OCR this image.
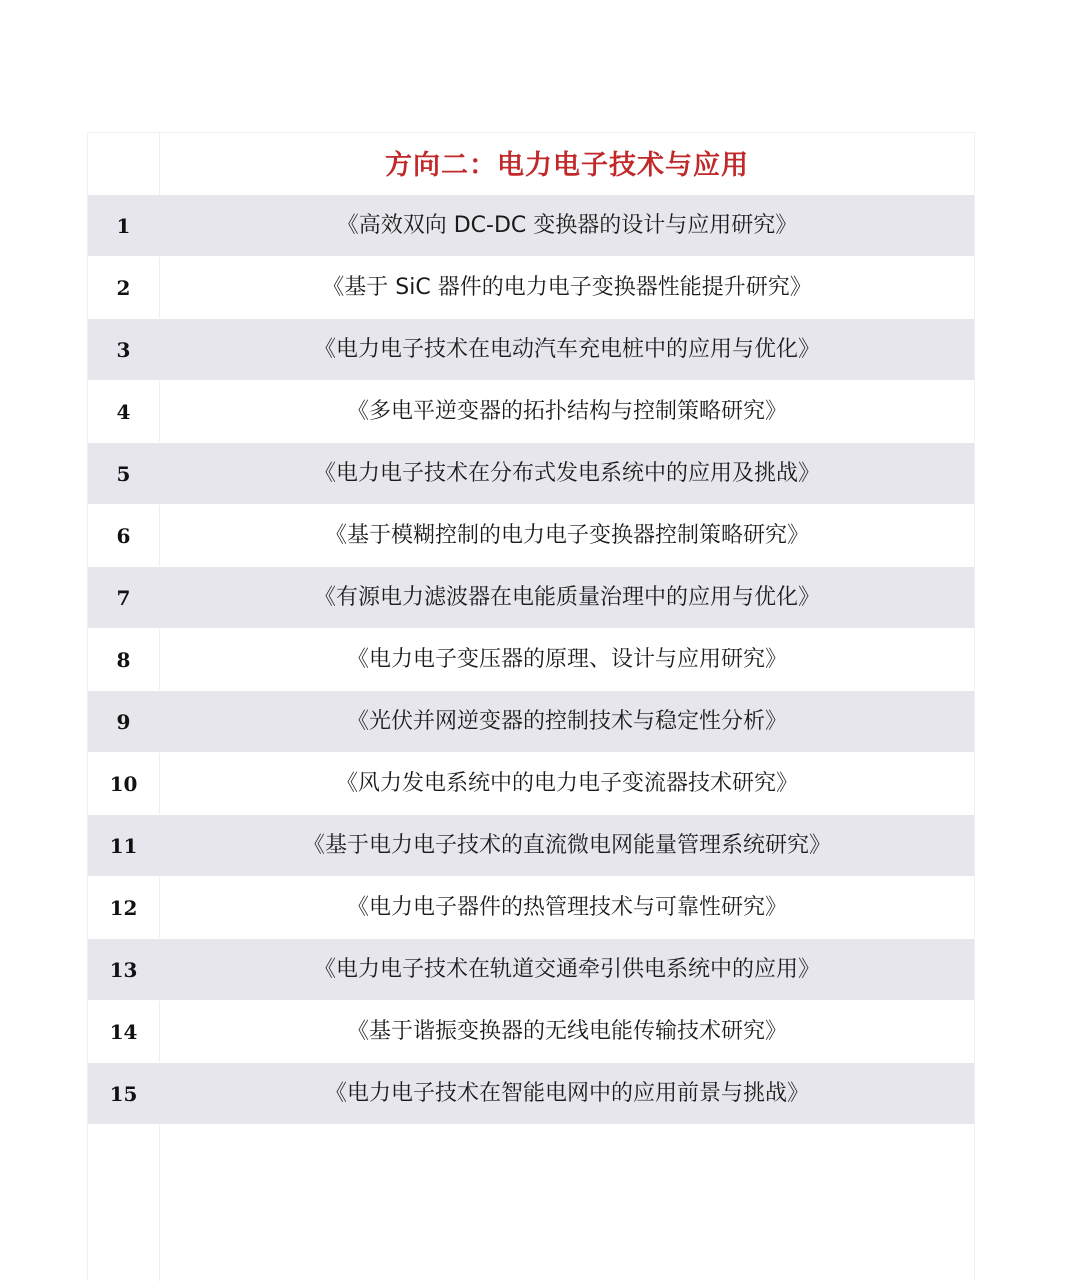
方向二：电力电子技术与应用
1	《高效双向 DC-DC 变换器的设计与应用研究》
2	《基于 SiC 器件的电力电子变换器性能提升研究》
3	《电力电子技术在电动汽车充电桩中的应用与优化》
4	《多电平逆变器的拓扑结构与控制策略研究》
5	《电力电子技术在分布式发电系统中的应用及挑战》
6	《基于模糊控制的电力电子变换器控制策略研究》
7	《有源电力滤波器在电能质量治理中的应用与优化》
8	《电力电子变压器的原理、设计与应用研究》
9	《光伏并网逆变器的控制技术与稳定性分析》
10	《风力发电系统中的电力电子变流器技术研究》
11	《基于电力电子技术的直流微电网能量管理系统研究》
12	《电力电子器件的热管理技术与可靠性研究》
13	《电力电子技术在轨道交通牵引供电系统中的应用》
14	《基于谐振变换器的无线电能传输技术研究》
15	《电力电子技术在智能电网中的应用前景与挑战》
